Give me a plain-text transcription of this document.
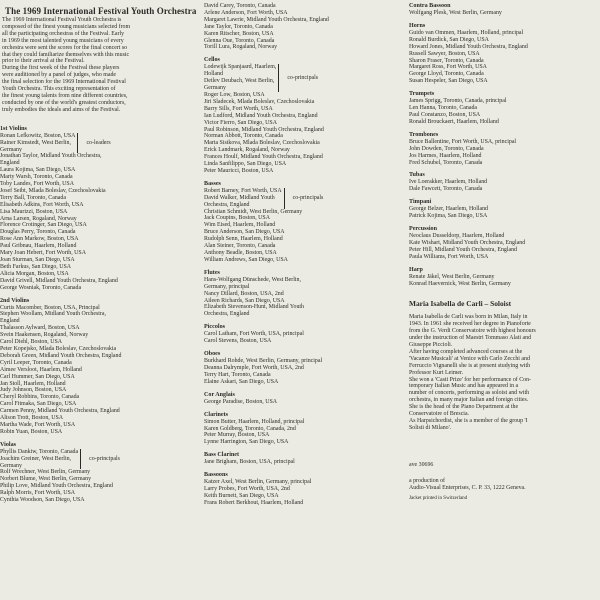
The 1969 International Festival Youth Orchestra
The 1969 International Festival Youth Orchestra is
composed of the finest young musicians selected from
all the participating orchestras of the Festival. Early
in 1969 the most talented young musicians of every
orchestra were sent the scores for the final concert so
that they could familiarize themselves with this music
prior to their arrival at the Festival.
During the first week of the Festival these players
were auditioned by a panel of judges, who made
the final selection for the 1969 International Festival
Youth Orchestra. This exciting representation of
the finest young talents from nine different countries,
conducted by one of the world's greatest conductors,
truly embodies the ideals and aims of the Festival.
1st Violins
Ronan Lefkowitz, Boston, USA
Rainer Kimstedt, West Berlin,
Germany
co-leaders
Jonathan Taylor, Midland Youth Orchestra,
England
Laura Kojima, San Diego, USA
Marty Warsh, Toronto, Canada
Toby Landes, Fort Worth, USA
Josef Seibt, Mlada Boleslav, Czechoslovakia
Terry Ball, Toronto, Canada
Elisabeth Adkins, Fort Worth, USA
Lisa Maurizzi, Boston, USA
Arna Larsen, Rogaland, Norway
Florence Crotinger, San Diego, USA
Douglas Perry, Toronto, Canada
Rose Ann Markow, Boston, USA
Paul Gribnau, Haarlem, Holland
Mary Joan Hebert, Fort Worth, USA
Joan Sturman, San Diego, USA
Beth Farkus, San Diego, USA
Alicia Morgan, Boston, USA
David Grivell, Midland Youth Orchestra, England
George Wosniak, Toronto, Canada
2nd Violins
Curtis Macomber, Boston, USA, Principal
Stephen Woollam, Midland Youth Orchestra,
England
Thalasson Aylward, Boston, USA
Svein Haakensen, Rogaland, Norway
Carol Diehl, Boston, USA
Peter Kopejsko, Mlada Boleslav, Czechoslovakia
Deborah Green, Midland Youth Orchestra, England
Cyril Leeper, Toronto, Canada
Aimee Versloot, Haarlem, Holland
Carl Hummer, San Diego, USA
Jan Stoll, Haarlem, Holland
Judy Johnson, Boston, USA
Cheryl Robbins, Toronto, Canada
Carol Fitmaka, San Diego, USA
Carmen Penny, Midland Youth Orchestra, England
Alison Trott, Boston, USA
Martha Wade, Fort Worth, USA
Robin Yuan, Boston, USA
Violas
Phyllis Dankiw, Toronto, Canada
Joachim Greiner, West Berlin,
Germany
co-principals
Rolf Wrechner, West Berlin, Germany
Norbert Blume, West Berlin, Germany
Philip Love, Midland Youth Orchestra, England
Ralph Morris, Fort Worth, USA
Cynthia Woodson, San Diego, USA
David Carey, Toronto, Canada
Arlene Anderson, Fort Worth, USA
Margaret Lawrie, Midland Youth Orchestra, England
Jane Taylor, Toronto, Canada
Karen Ritscher, Boston, USA
Glenna Oue, Toronto, Canada
Torill Lura, Rogaland, Norway
Cellos
Lodewijk Spanjaard, Haarlem,
Holland
Detlev Deubach, West Berlin,
Germany
co-principals
Roger Low, Boston, USA
Jiri Sladecek, Mlada Boleslav, Czechoslovakia
Barry Sills, Fort Worth, USA
Ian Ludford, Midland Youth Orchestra, England
Victor Fierro, San Diego, USA
Paul Robinson, Midland Youth Orchestra, England
Norman Abbott, Toronto, Canada
Marta Sistkova, Mlada Boleslav, Czechoslovakia
Erick Landmark, Rogaland, Norway
Frances Houlf, Midland Youth Orchestra, England
Linda Sanfilippo, San Diego, USA
Peter Mauricci, Boston, USA
Basses
Robert Barney, Fort Worth, USA
David Walker, Midland Youth
Orchestra, England
co-principals
Christian Schmidt, West Berlin, Germany
Jack Coupins, Boston, USA
Wim Eised, Haarlem, Holland
Bruce Anderson, San Diego, USA
Rudolph Senn, Haarlem, Holland
Alan Steiner, Toronto, Canada
Anthony Beadle, Boston, USA
William Andrews, San Diego, USA
Flutes
Hans-Wolfgang Dünschede, West Berlin,
Germany, principal
Nancy Dillard, Boston, USA, 2nd
Aileen Richards, San Diego, USA
Elizabeth Stevenson-Hunt, Midland Youth
Orchestra, England
Piccolos
Carol Latham, Fort Worth, USA, principal
Carol Stevens, Boston, USA
Oboes
Burkhard Rohde, West Berlin, Germany, principal
Deanna Dalrymple, Fort Worth, USA, 2nd
Terry Hart, Toronto, Canada
Elaine Askari, San Diego, USA
Cor Anglais
George Paradise, Boston, USA
Clarinets
Simon Butter, Haarlem, Holland, principal
Karen Goldberg, Toronto, Canada, 2nd
Peter Murray, Boston, USA
Lynne Harrington, San Diego, USA
Bass Clarinet
Jane Brigham, Boston, USA, principal
Bassoons
Katzer Axel, West Berlin, Germany, principal
Larry Probes, Fort Worth, USA, 2nd
Keith Burnett, San Diego, USA
Frans Robert Berkhout, Haarlem, Holland
Contra Bassoon
Wolfgang Plesk, West Berlin, Germany
Horns
Guido van Ommen, Haarlem, Holland, principal
Ronald Burdick, San Diego, USA
Howard Jones, Midland Youth Orchestra, England
Russell Sawyer, Boston, USA
Sharon Fraser, Toronto, Canada
Margaret Ross, Fort Worth, USA
George Lloyd, Toronto, Canada
Susan Hespeler, San Diego, USA
Trumpets
James Sprigg, Toronto, Canada, principal
Len Hanna, Toronto, Canada
Paul Constanzo, Boston, USA
Ronald Brouckaert, Haarlem, Holland
Trombones
Bruce Ballentine, Fort Worth, USA, principal
John Dowden, Toronto, Canada
Jos Harmes, Haarlem, Holland
Fred Schubel, Toronto, Canada
Tubas
Ive Loerakker, Haarlem, Holland
Dale Fawcett, Toronto, Canada
Timpani
George Belzer, Haarlem, Holland
Patrick Kojima, San Diego, USA
Percussion
Neoclaus Dusseldorp, Haarlem, Holland
Kate Wishart, Midland Youth Orchestra, England
Peter Hill, Midland Youth Orchestra, England
Paula Williams, Fort Worth, USA
Harp
Renate Jäkel, West Berlin, Germany
Konrad Haevernick, West Berlin, Germany
Maria Isabella de Carli – Soloist
Maria Isabella de Carli was born in Milan, Italy in
1943. In 1961 she received her degree in Pianoforte
from the G. Verdi Conservatoire with highest honours
under the instruction of Maestri Tommaso Alati and
Giuseppe Piccioli.
After having completed advanced courses at the
'Vacanze Musicali' at Venice with Carlo Zecchi and
Ferruccio Vignanelli she is at present studying with
Professor Kurt Leimer.
She won a 'Casti Prize' for her performance of Con-
temporary Italian Music and has appeared in a
number of concerts, performing as soloist and with
orchestra, in many major Italian and foreign cities.
She is the head of the Piano Department at the
Conservatoire of Brescia.
As Harpsichordist, she is a member of the group 'I
Solisti di Milano'.
ave 30696
a production of
Audio-Visual Enterprises, C. P. 33, 1222 Geneva.
Jacket printed in Switzerland
